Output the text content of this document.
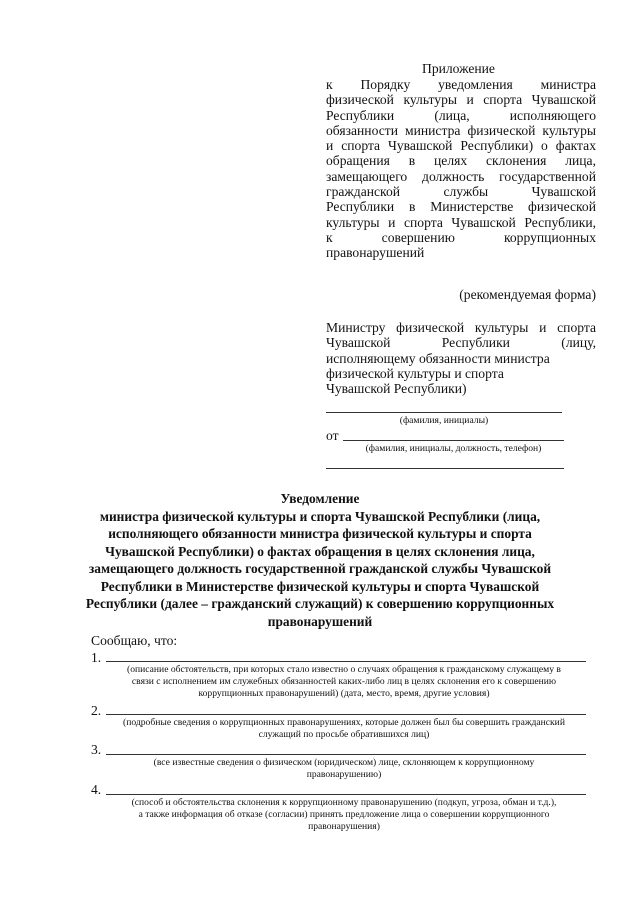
Приложение
к Порядку уведомления министра
физической культуры и спорта Чувашской
Республики (лица, исполняющего
обязанности министра физической культуры
и спорта Чувашской Республики) о фактах
обращения в целях склонения лица,
замещающего должность государственной
гражданской службы Чувашской
Республики в Министерстве физической
культуры и спорта Чувашской Республики,
к совершению коррупционных
правонарушений
(рекомендуемая форма)
Министру физической культуры и спорта
Чувашской Республики (лицу,
исполняющему обязанности министра
физической культуры и спорта
Чувашской Республики)
(фамилия, инициалы)
от
(фамилия, инициалы, должность, телефон)
Уведомление
министра физической культуры и спорта Чувашской Республики (лица,
исполняющего обязанности министра физической культуры и спорта
Чувашской Республики) о фактах обращения в целях склонения лица,
замещающего должность государственной гражданской службы Чувашской
Республики в Министерстве физической культуры и спорта Чувашской
Республики (далее – гражданский служащий) к совершению коррупционных
правонарушений
Сообщаю, что:
1.
(описание обстоятельств, при которых стало известно о случаях обращения к гражданскому служащему в
связи с исполнением им служебных обязанностей каких-либо лиц в целях склонения его к совершению
коррупционных правонарушений) (дата, место, время, другие условия)
2.
(подробные сведения о коррупционных правонарушениях, которые должен был бы совершить гражданский
служащий по просьбе обратившихся лиц)
3.
(все известные сведения о физическом (юридическом) лице, склоняющем к коррупционному
правонарушению)
4.
(способ и обстоятельства склонения к коррупционному правонарушению (подкуп, угроза, обман и т.д.),
а также информация об отказе (согласии) принять предложение лица о совершении коррупционного
правонарушения)
